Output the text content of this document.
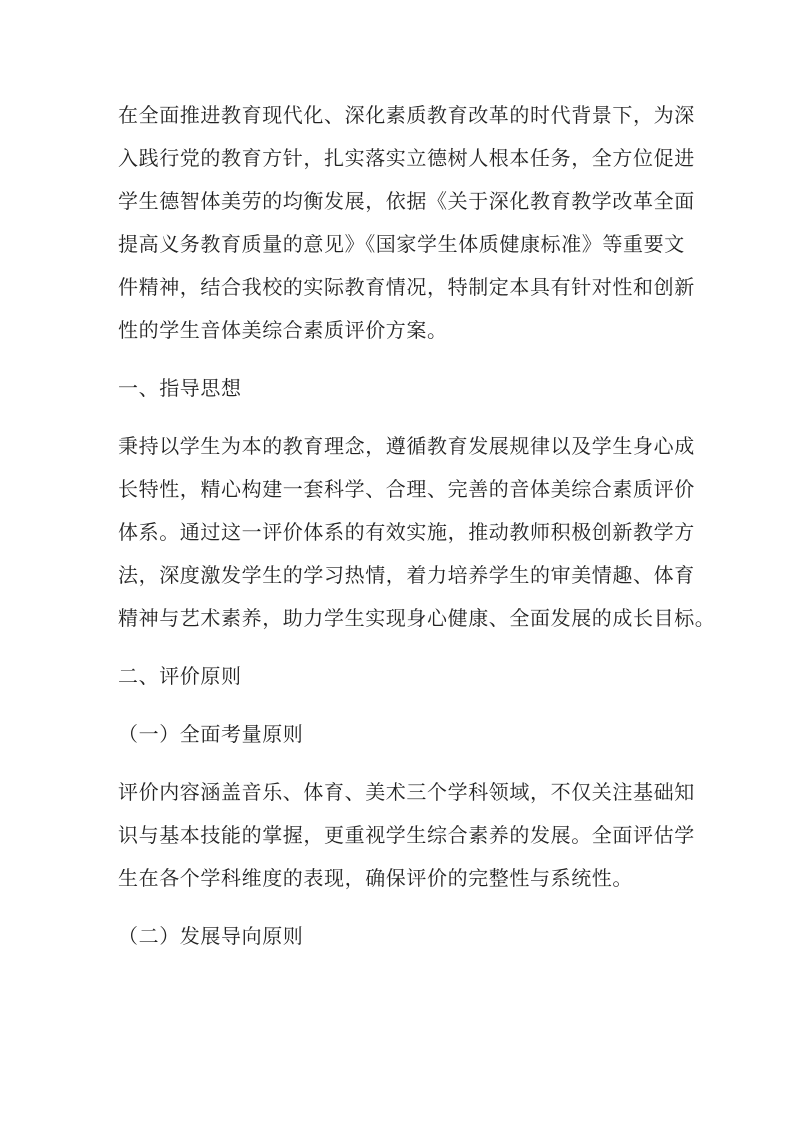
在全面推进教育现代化、深化素质教育改革的时代背景下，为深
入践行党的教育方针，扎实落实立德树人根本任务，全方位促进
学生德智体美劳的均衡发展，依据《关于深化教育教学改革全面
提高义务教育质量的意见》《国家学生体质健康标准》等重要文
件精神，结合我校的实际教育情况，特制定本具有针对性和创新
性的学生音体美综合素质评价方案。
一、指导思想
秉持以学生为本的教育理念，遵循教育发展规律以及学生身心成
长特性，精心构建一套科学、合理、完善的音体美综合素质评价
体系。通过这一评价体系的有效实施，推动教师积极创新教学方
法，深度激发学生的学习热情，着力培养学生的审美情趣、体育
精神与艺术素养，助力学生实现身心健康、全面发展的成长目标。
二、评价原则
（一）全面考量原则
评价内容涵盖音乐、体育、美术三个学科领域，不仅关注基础知
识与基本技能的掌握，更重视学生综合素养的发展。全面评估学
生在各个学科维度的表现，确保评价的完整性与系统性。
（二）发展导向原则
